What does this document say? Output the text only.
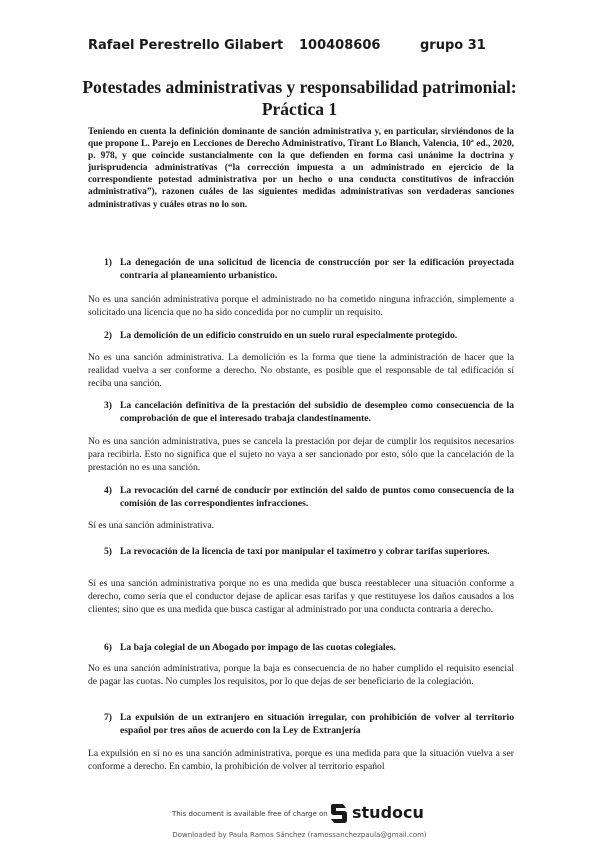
Rafael Perestrello Gilabert 100408606	grupo 31
Potestades administrativas y responsabilidad patrimonial: Práctica 1
Teniendo en cuenta la definición dominante de sanción administrativa y, en particular, sirviéndonos de la que propone L. Parejo en Lecciones de Derecho Administrativo, Tirant Lo Blanch, Valencia, 10ª ed., 2020, p. 978, y que coincide sustancialmente con la que defienden en forma casi unánime la doctrina y jurisprudencia administrativas (“la corrección impuesta a un administrado en ejercicio de la correspondiente potestad administrativa por un hecho o una conducta constitutivos de infracción administrativa”), razonen cuáles de las siguientes medidas administrativas son verdaderas sanciones administrativas y cuáles otras no lo son.
1) La denegación de una solicitud de licencia de construcción por ser la edificación proyectada contraria al planeamiento urbanístico.
No es una sanción administrativa porque el administrado no ha cometido ninguna infracción, simplemente a solicitado una licencia que no ha sido concedida por no cumplir un requisito.
2) La demolición de un edificio construido en un suelo rural especialmente protegido.
No es una sanción administrativa. La demolición es la forma que tiene la administración de hacer que la realidad vuelva a ser conforme a derecho. No obstante, es posible que el responsable de tal edificación sí reciba una sanción.
3) La cancelación definitiva de la prestación del subsidio de desempleo como consecuencia de la comprobación de que el interesado trabaja clandestinamente.
No es una sanción administrativa, pues se cancela la prestación por dejar de cumplir los requisitos necesarios para recibirla. Esto no significa que el sujeto no vaya a ser sancionado por esto, sólo que la cancelación de la prestación no es una sanción.
4) La revocación del carné de conducir por extinción del saldo de puntos como consecuencia de la comisión de las correspondientes infracciones.
Sí es una sanción administrativa.
5) La revocación de la licencia de taxi por manipular el taxímetro y cobrar tarifas superiores.
Sí es una sanción administrativa porque no es una medida que busca reestablecer una situación conforme a derecho, como sería que el conductor dejase de aplicar esas tarifas y que restituyese los daños causados a los clientes; sino que es una medida que busca castigar al administrado por una conducta contraria a derecho.
6) La baja colegial de un Abogado por impago de las cuotas colegiales.
No es una sanción administrativa, porque la baja es consecuencia de no haber cumplido el requisito esencial de pagar las cuotas. No cumples los requisitos, por lo que dejas de ser beneficiario de la colegiación.
7) La expulsión de un extranjero en situación irregular, con prohibición de volver al territorio español por tres años de acuerdo con la Ley de Extranjería
La expulsión en sí no es una sanción administrativa, porque es una medida para que la situación vuelva a ser conforme a derecho. En cambio, la prohibición de volver al territorio español
This document is available free of charge on studocu
Downloaded by Paula Ramos Sánchez (ramossanchezpaula@gmail.com)
